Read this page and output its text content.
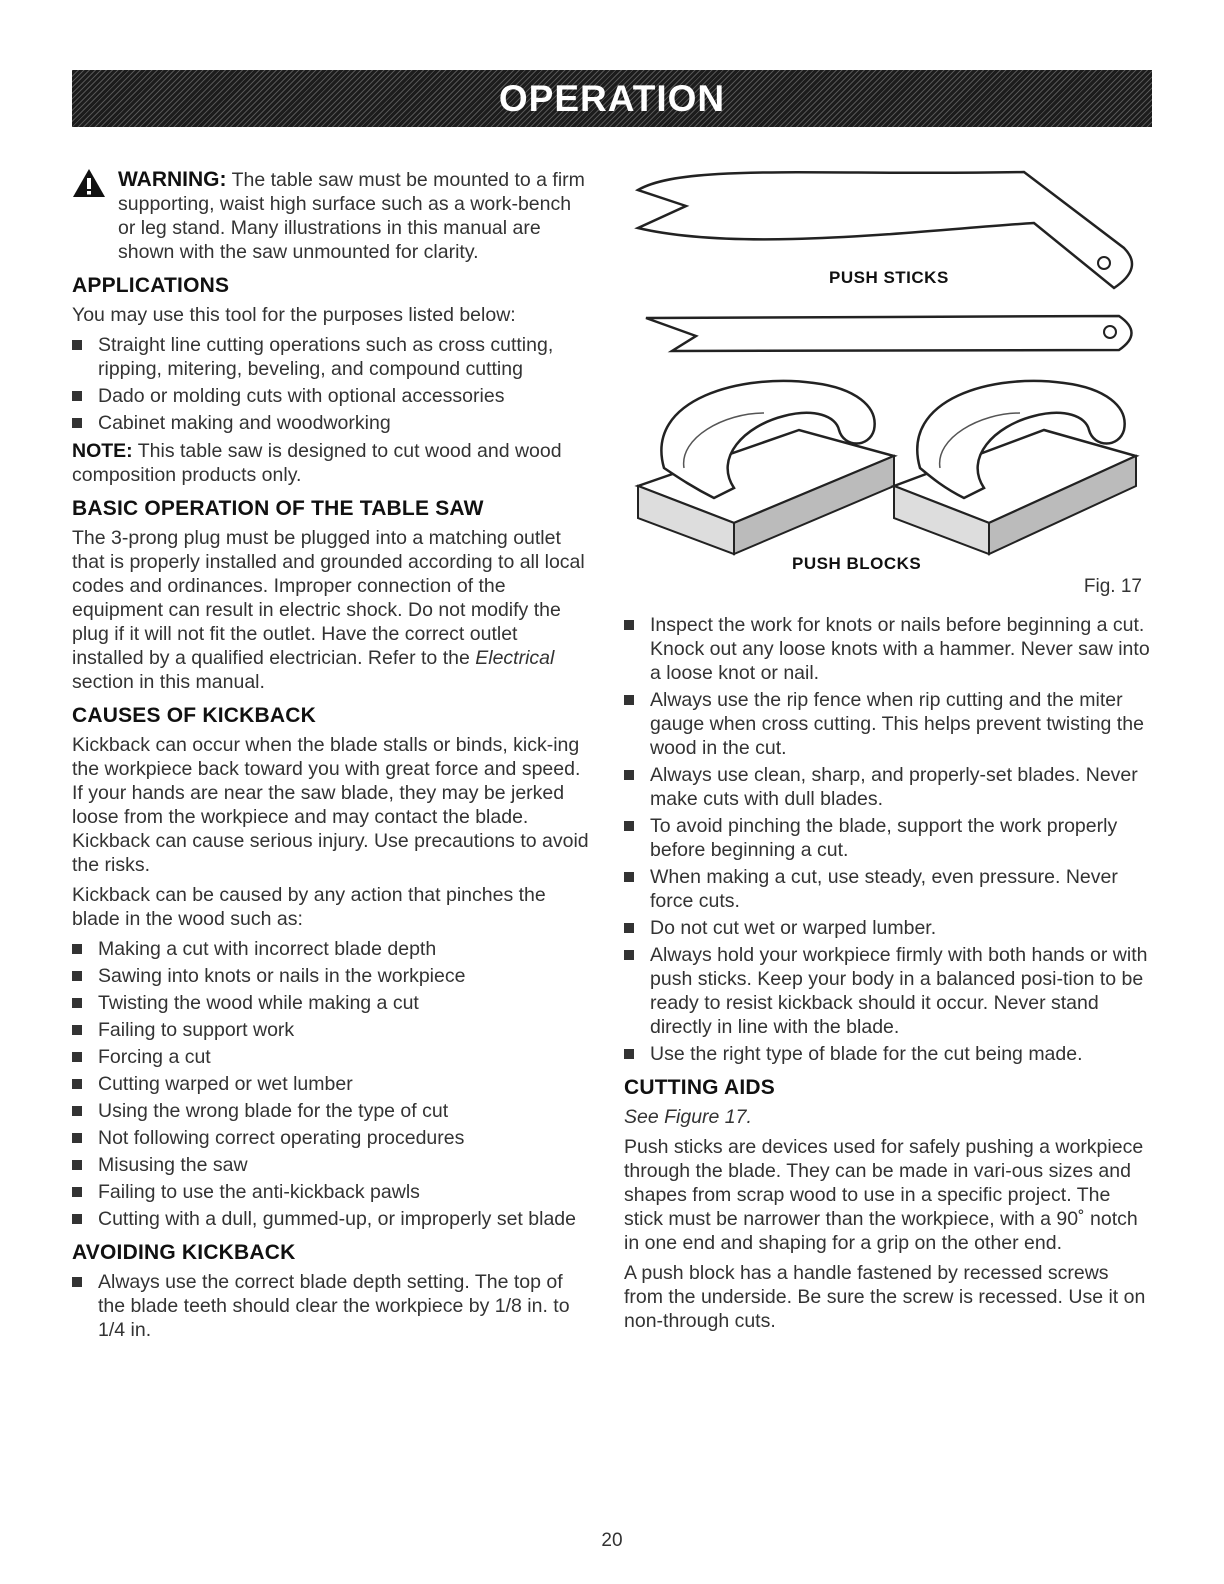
OPERATION
WARNING: The table saw must be mounted to a firm supporting, waist high surface such as a work-bench or leg stand. Many illustrations in this manual are shown with the saw unmounted for clarity.
APPLICATIONS

You may use this tool for the purposes listed below:

Straight line cutting operations such as cross cutting, ripping, mitering, beveling, and compound cutting
Dado or molding cuts with optional accessories
Cabinet making and woodworking

NOTE: This table saw is designed to cut wood and wood composition products only.

BASIC OPERATION OF THE TABLE SAW

The 3-prong plug must be plugged into a matching outlet that is properly installed and grounded according to all local codes and ordinances. Improper connection of the equipment can result in electric shock. Do not modify the plug if it will not fit the outlet. Have the correct outlet installed by a qualified electrician. Refer to the Electrical section in this manual.

CAUSES OF KICKBACK

Kickback can occur when the blade stalls or binds, kick-ing the workpiece back toward you with great force and speed. If your hands are near the saw blade, they may be jerked loose from the workpiece and may contact the blade. Kickback can cause serious injury. Use precautions to avoid the risks.

Kickback can be caused by any action that pinches the blade in the wood such as:

Making a cut with incorrect blade depth
Sawing into knots or nails in the workpiece
Twisting the wood while making a cut
Failing to support work
Forcing a cut
Cutting warped or wet lumber
Using the wrong blade for the type of cut
Not following correct operating procedures
Misusing the saw
Failing to use the anti-kickback pawls
Cutting with a dull, gummed-up, or improperly set blade
AVOIDING KICKBACK
Always use the correct blade depth setting. The top of the blade teeth should clear the workpiece by 1/8 in. to 1/4 in.
PUSH STICKS
PUSH BLOCKS
Fig. 17
Inspect the work for knots or nails before beginning a cut. Knock out any loose knots with a hammer. Never saw into a loose knot or nail.
Always use the rip fence when rip cutting and the miter gauge when cross cutting. This helps prevent twisting the wood in the cut.
Always use clean, sharp, and properly-set blades. Never make cuts with dull blades.
To avoid pinching the blade, support the work properly before beginning a cut.
When making a cut, use steady, even pressure. Never force cuts.
Do not cut wet or warped lumber.
Always hold your workpiece firmly with both hands or with push sticks. Keep your body in a balanced posi-tion to be ready to resist kickback should it occur. Never stand directly in line with the blade.
Use the right type of blade for the cut being made.
CUTTING AIDS

See Figure 17.

Push sticks are devices used for safely pushing a workpiece through the blade. They can be made in vari-ous sizes and shapes from scrap wood to use in a specific project. The stick must be narrower than the workpiece, with a 90˚ notch in one end and shaping for a grip on the other end.

A push block has a handle fastened by recessed screws from the underside. Be sure the screw is recessed. Use it on non-through cuts.

20
